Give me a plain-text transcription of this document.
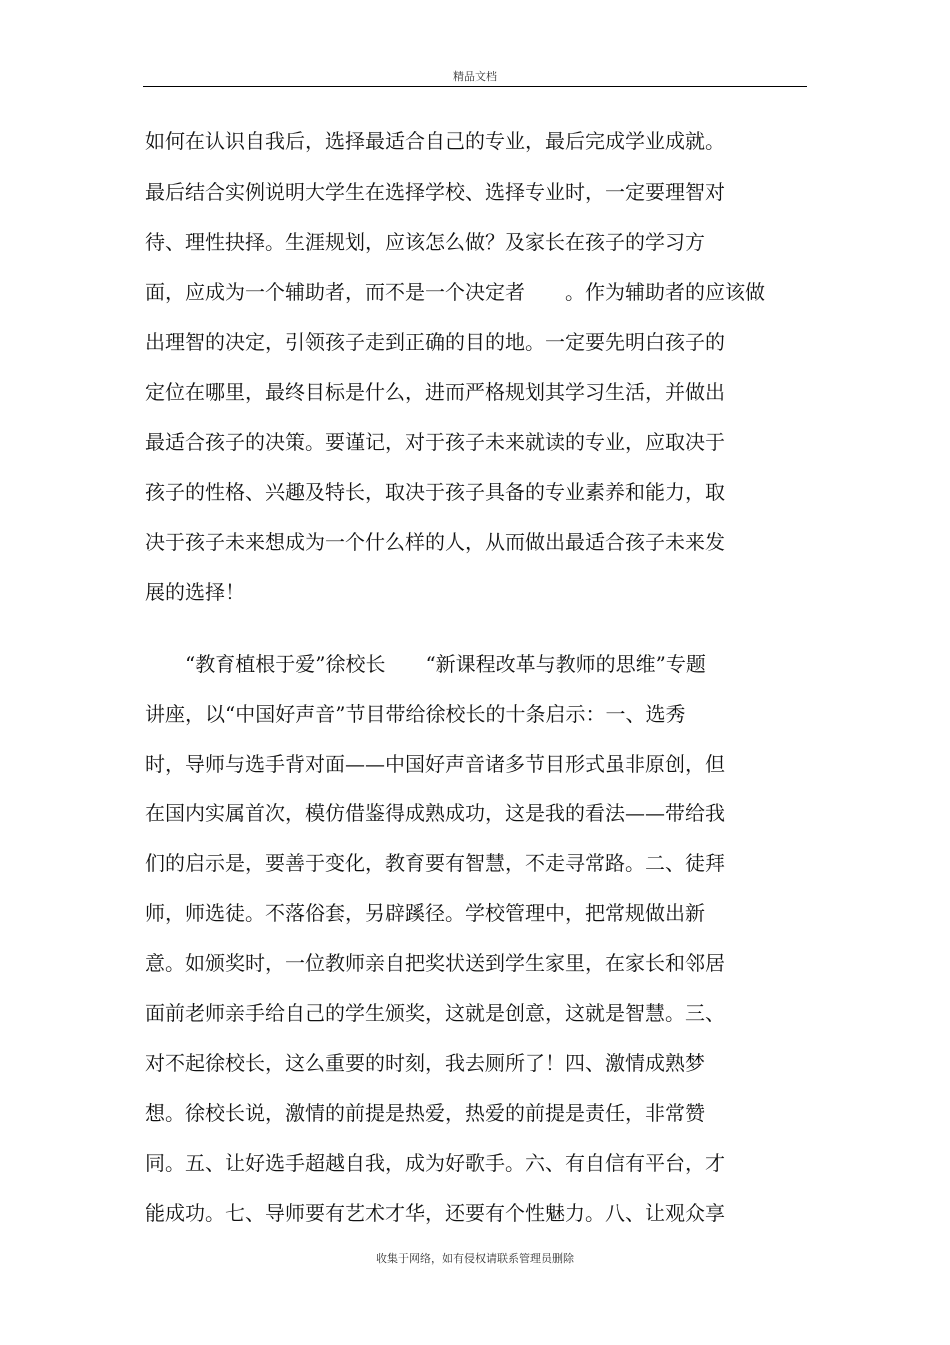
精品文档
如何在认识自我后，选择最适合自己的专业，最后完成学业成就。
最后结合实例说明大学生在选择学校、选择专业时，一定要理智对
待、理性抉择。生涯规划，应该怎么做？及家长在孩子的学习方
面，应成为一个辅助者，而不是一个决定者　　。作为辅助者的应该做
出理智的决定，引领孩子走到正确的目的地。一定要先明白孩子的
定位在哪里，最终目标是什么，进而严格规划其学习生活，并做出
最适合孩子的决策。要谨记，对于孩子未来就读的专业，应取决于
孩子的性格、兴趣及特长，取决于孩子具备的专业素养和能力，取
决于孩子未来想成为一个什么样的人，从而做出最适合孩子未来发
展的选择！
“教育植根于爱”徐校长　　“新课程改革与教师的思维”专题
讲座，以“中国好声音”节目带给徐校长的十条启示：一、选秀
时，导师与选手背对面——中国好声音诸多节目形式虽非原创，但
在国内实属首次，模仿借鉴得成熟成功，这是我的看法——带给我
们的启示是，要善于变化，教育要有智慧，不走寻常路。二、徒拜
师，师选徒。不落俗套，另辟蹊径。学校管理中，把常规做出新
意。如颁奖时，一位教师亲自把奖状送到学生家里，在家长和邻居
面前老师亲手给自己的学生颁奖，这就是创意，这就是智慧。三、
对不起徐校长，这么重要的时刻，我去厕所了！四、激情成熟梦
想。徐校长说，激情的前提是热爱，热爱的前提是责任，非常赞
同。五、让好选手超越自我，成为好歌手。六、有自信有平台，才
能成功。七、导师要有艺术才华，还要有个性魅力。八、让观众享
收集于网络，如有侵权请联系管理员删除
